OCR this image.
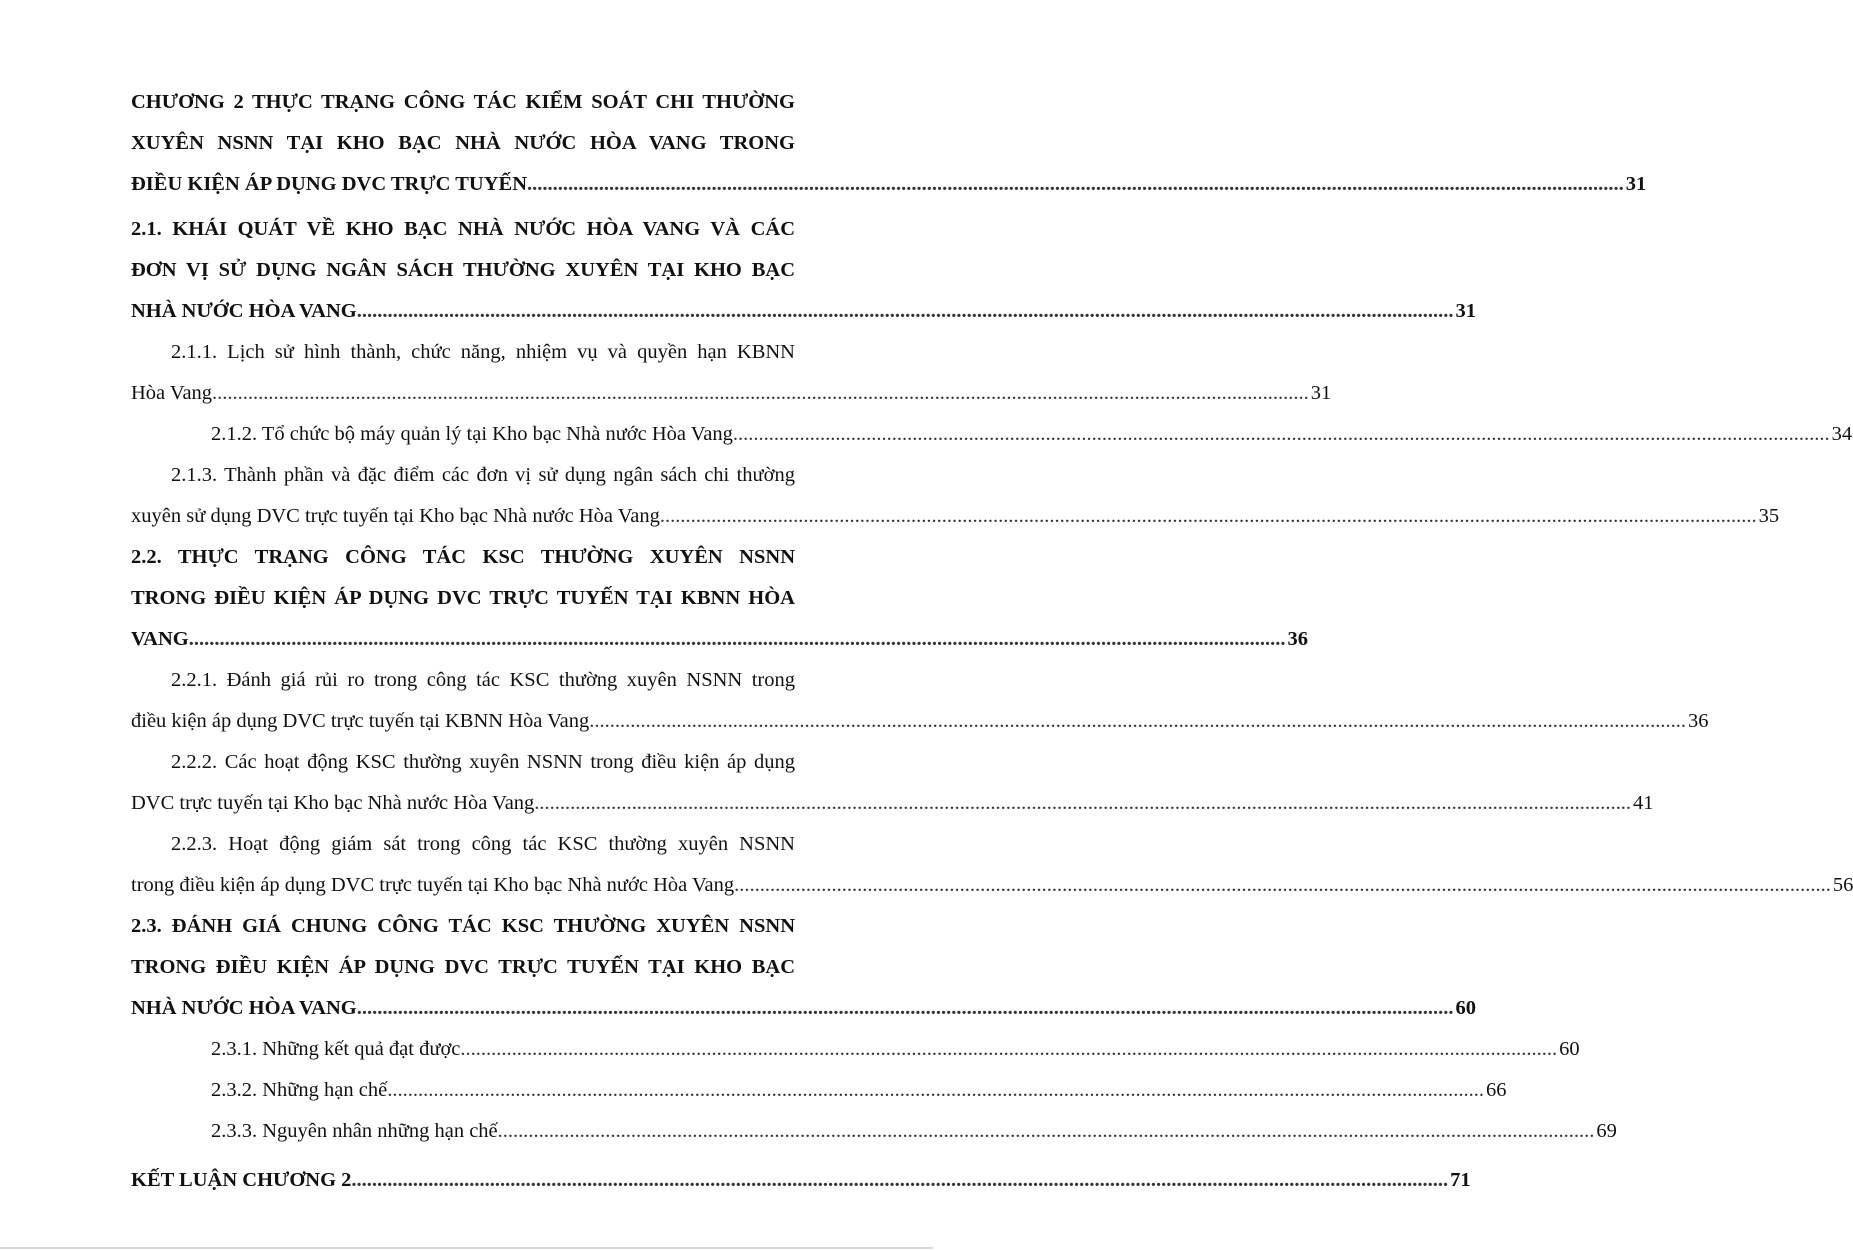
CHƯƠNG 2 THỰC TRẠNG CÔNG TÁC KIỂM SOÁT CHI THƯỜNG
XUYÊN NSNN TẠI KHO BẠC NHÀ NƯỚC HÒA VANG TRONG
ĐIỀU KIỆN ÁP DỤNG DVC TRỰC TUYẾN .....	31
2.1. KHÁI QUÁT VỀ KHO BẠC NHÀ NƯỚC HÒA VANG VÀ CÁC
ĐƠN VỊ SỬ DỤNG NGÂN SÁCH THƯỜNG XUYÊN TẠI KHO BẠC
NHÀ NƯỚC HÒA VANG .....	31
2.1.1. Lịch sử hình thành, chức năng, nhiệm vụ và quyền hạn KBNN
Hòa Vang .....	31
2.1.2. Tổ chức bộ máy quản lý tại Kho bạc Nhà nước Hòa Vang .....	34
2.1.3. Thành phần và đặc điểm các đơn vị sử dụng ngân sách chi thường
xuyên sử dụng DVC trực tuyến tại Kho bạc Nhà nước Hòa Vang .....	35
2.2. THỰC TRẠNG CÔNG TÁC KSC THƯỜNG XUYÊN NSNN
TRONG ĐIỀU KIỆN ÁP DỤNG DVC TRỰC TUYẾN TẠI KBNN HÒA
VANG .....	36
2.2.1. Đánh giá rủi ro trong công tác KSC thường xuyên NSNN trong
điều kiện áp dụng DVC trực tuyến tại KBNN Hòa Vang .....	36
2.2.2. Các hoạt động KSC thường xuyên NSNN trong điều kiện áp dụng
DVC trực tuyến tại Kho bạc Nhà nước Hòa Vang .....	41
2.2.3. Hoạt động giám sát trong công tác KSC thường xuyên NSNN
trong điều kiện áp dụng DVC trực tuyến tại Kho bạc Nhà nước Hòa Vang .....	56
2.3. ĐÁNH GIÁ CHUNG CÔNG TÁC KSC THƯỜNG XUYÊN NSNN
TRONG ĐIỀU KIỆN ÁP DỤNG DVC TRỰC TUYẾN TẠI KHO BẠC
NHÀ NƯỚC HÒA VANG .....	60
2.3.1. Những kết quả đạt được .....	60
2.3.2. Những hạn chế .....	66
2.3.3. Nguyên nhân những hạn chế .....	69
KẾT LUẬN CHƯƠNG 2 .....	71
